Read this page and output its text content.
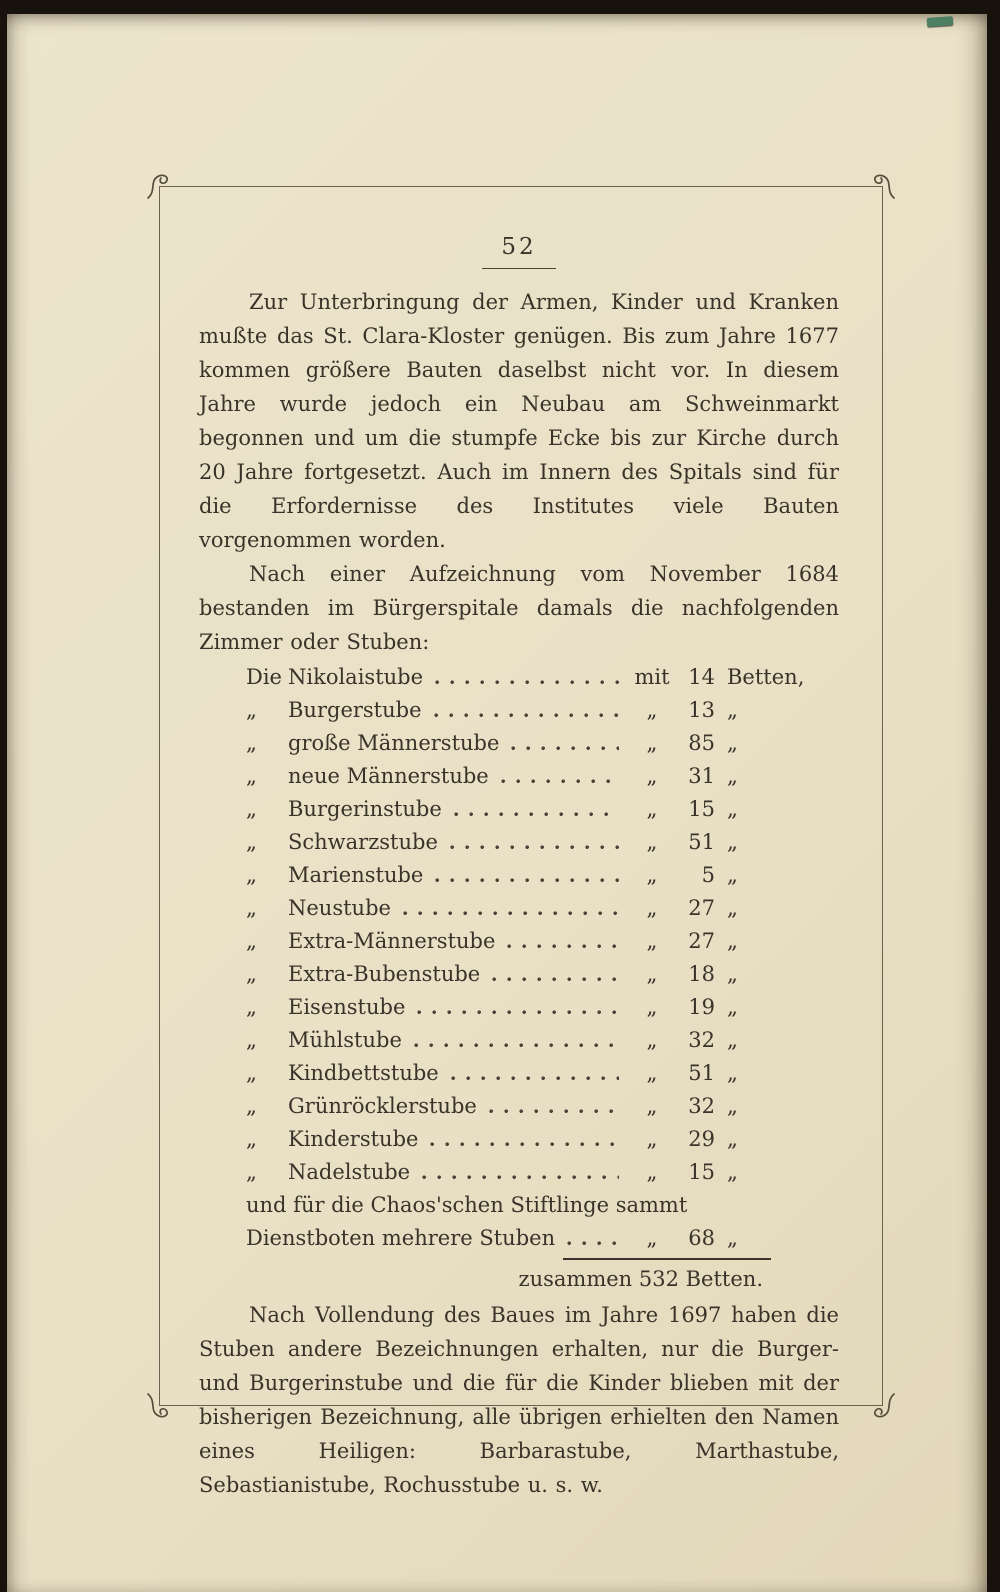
52

Zur Unterbringung der Armen, Kinder und Kranken mußte das St. Clara-Kloster genügen. Bis zum Jahre 1677 kommen größere Bauten daselbst nicht vor. In diesem Jahre wurde jedoch ein Neubau am Schweinmarkt begonnen und um die stumpfe Ecke bis zur Kirche durch 20 Jahre fortgesetzt. Auch im Innern des Spitals sind für die Erfordernisse des Institutes viele Bauten vorgenommen worden.

Nach einer Aufzeichnung vom November 1684 bestanden im Bürgerspitale damals die nachfolgenden Zimmer oder Stuben:

Die Nikolaistube	mit 14 Betten,
„	Burgerstube	„	13 „
„	große Männerstube	„	85 „
„	neue Männerstube	„	31 „
„	Burgerinstube	„	15 „
„	Schwarzstube	„	51 „
„	Marienstube	„	5 „
„	Neustube	„	27 „
„	Extra-Männerstube	„	27 „
„	Extra-Bubenstube	„	18 „
„	Eisenstube	„	19 „
„	Mühlstube	„	32 „
„	Kindbettstube	„	51 „
„	Grünröcklerstube	„	32 „
„	Kinderstube	„	29 „
„	Nadelstube	„	15 „
und für die Chaos'schen Stiftlinge sammt
Dienstboten mehrere Stuben	„	68 „
zusammen 532 Betten.

Nach Vollendung des Baues im Jahre 1697 haben die Stuben andere Bezeichnungen erhalten, nur die Burger- und Burgerinstube und die für die Kinder blieben mit der bisherigen Bezeichnung, alle übrigen erhielten den Namen eines Heiligen: Barbarastube, Marthastube, Sebastianistube, Rochusstube u. s. w.
